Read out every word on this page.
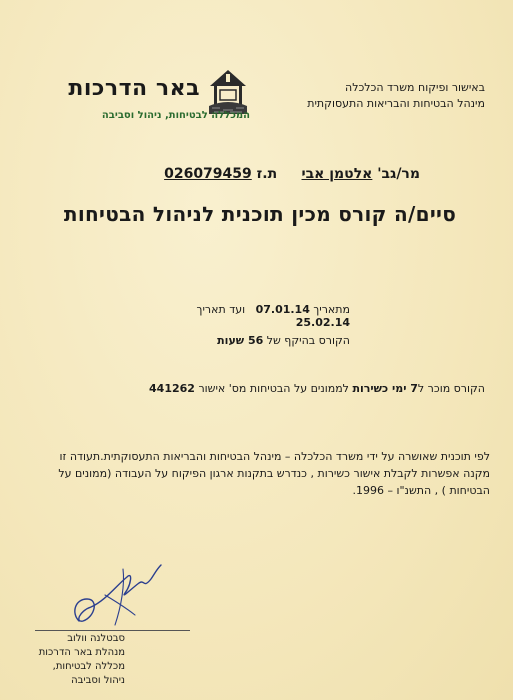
באישור ופיקוח משרד הכלכלה
מינהל הבטיחות והבריאות התעסוקתית
באר הדרכות
המכללה לבטיחות, ניהול וסביבה
מר/גב' אלטמן אבי     ת.ז 026079459
סיים/ה קורס מכין תוכנית לניהול הבטיחות
מתאריך 07.01.14   ועד תאריך    25.02.14
הקורס בהיקף של 56 שעות
הקורס מוכר ל7 ימי כשירות לממונים על הבטיחות מס' אישור 441262
לפי תוכנית שאושרה על ידי משרד הכלכלה – מינהל הבטיחות והבריאות התעסוקתית.תעודה זו מקנה אפשרות לקבלת אישור כשירות , כנדרש בתקנות ארגון הפיקוח על העבודה (ממונים על הבטיחות ) , התשנ"ו – 1996.
סבטלנה וולוב
מנהלת באר הדרכות
מכללה לבטיחות, ניהול וסביבה
